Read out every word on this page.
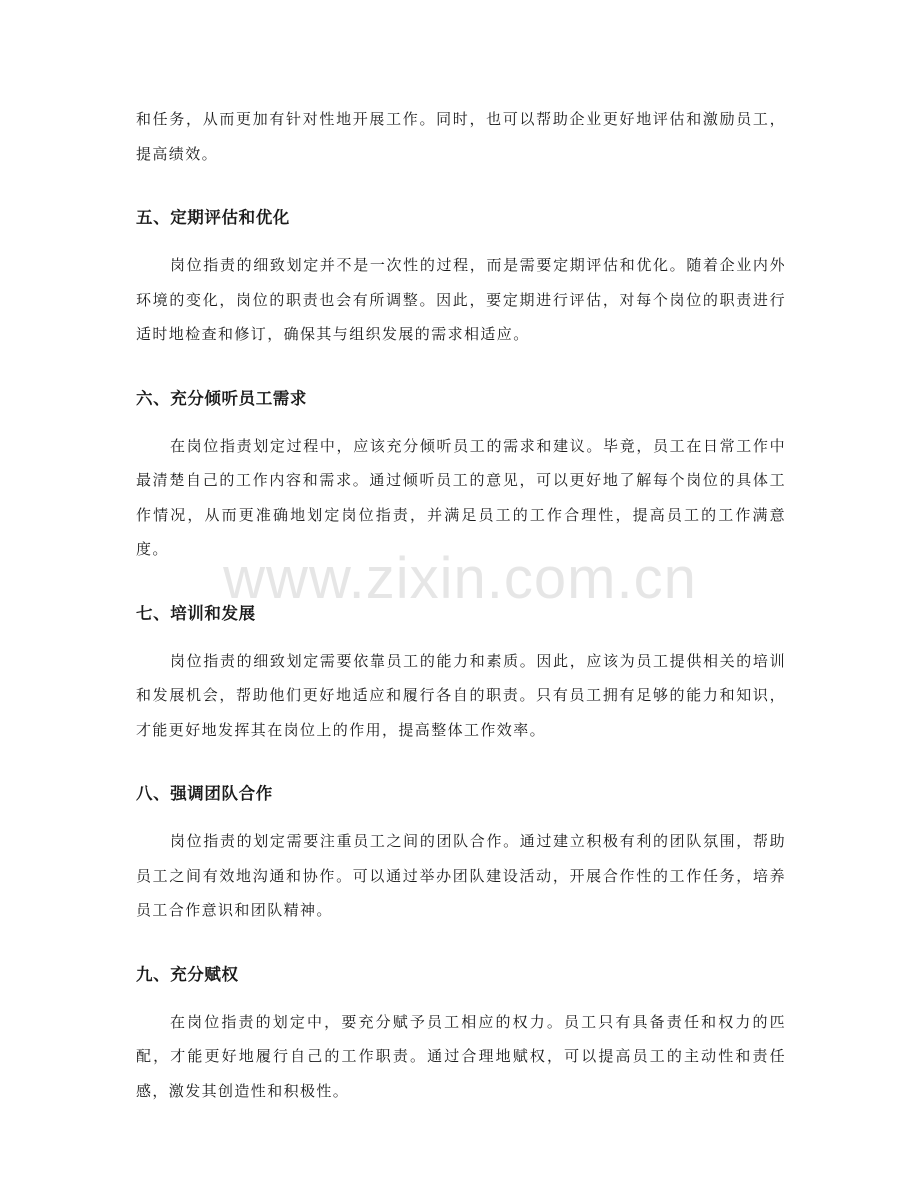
和任务，从而更加有针对性地开展工作。同时，也可以帮助企业更好地评估和激励员工，提高绩效。

五、定期评估和优化

岗位指责的细致划定并不是一次性的过程，而是需要定期评估和优化。随着企业内外环境的变化，岗位的职责也会有所调整。因此，要定期进行评估，对每个岗位的职责进行适时地检查和修订，确保其与组织发展的需求相适应。

六、充分倾听员工需求

在岗位指责划定过程中，应该充分倾听员工的需求和建议。毕竟，员工在日常工作中最清楚自己的工作内容和需求。通过倾听员工的意见，可以更好地了解每个岗位的具体工作情况，从而更准确地划定岗位指责，并满足员工的工作合理性，提高员工的工作满意度。

七、培训和发展

岗位指责的细致划定需要依靠员工的能力和素质。因此，应该为员工提供相关的培训和发展机会，帮助他们更好地适应和履行各自的职责。只有员工拥有足够的能力和知识，才能更好地发挥其在岗位上的作用，提高整体工作效率。

八、强调团队合作

岗位指责的划定需要注重员工之间的团队合作。通过建立积极有利的团队氛围，帮助员工之间有效地沟通和协作。可以通过举办团队建设活动，开展合作性的工作任务，培养员工合作意识和团队精神。

九、充分赋权

在岗位指责的划定中，要充分赋予员工相应的权力。员工只有具备责任和权力的匹配，才能更好地履行自己的工作职责。通过合理地赋权，可以提高员工的主动性和责任感，激发其创造性和积极性。

www.zixin.com.cn
